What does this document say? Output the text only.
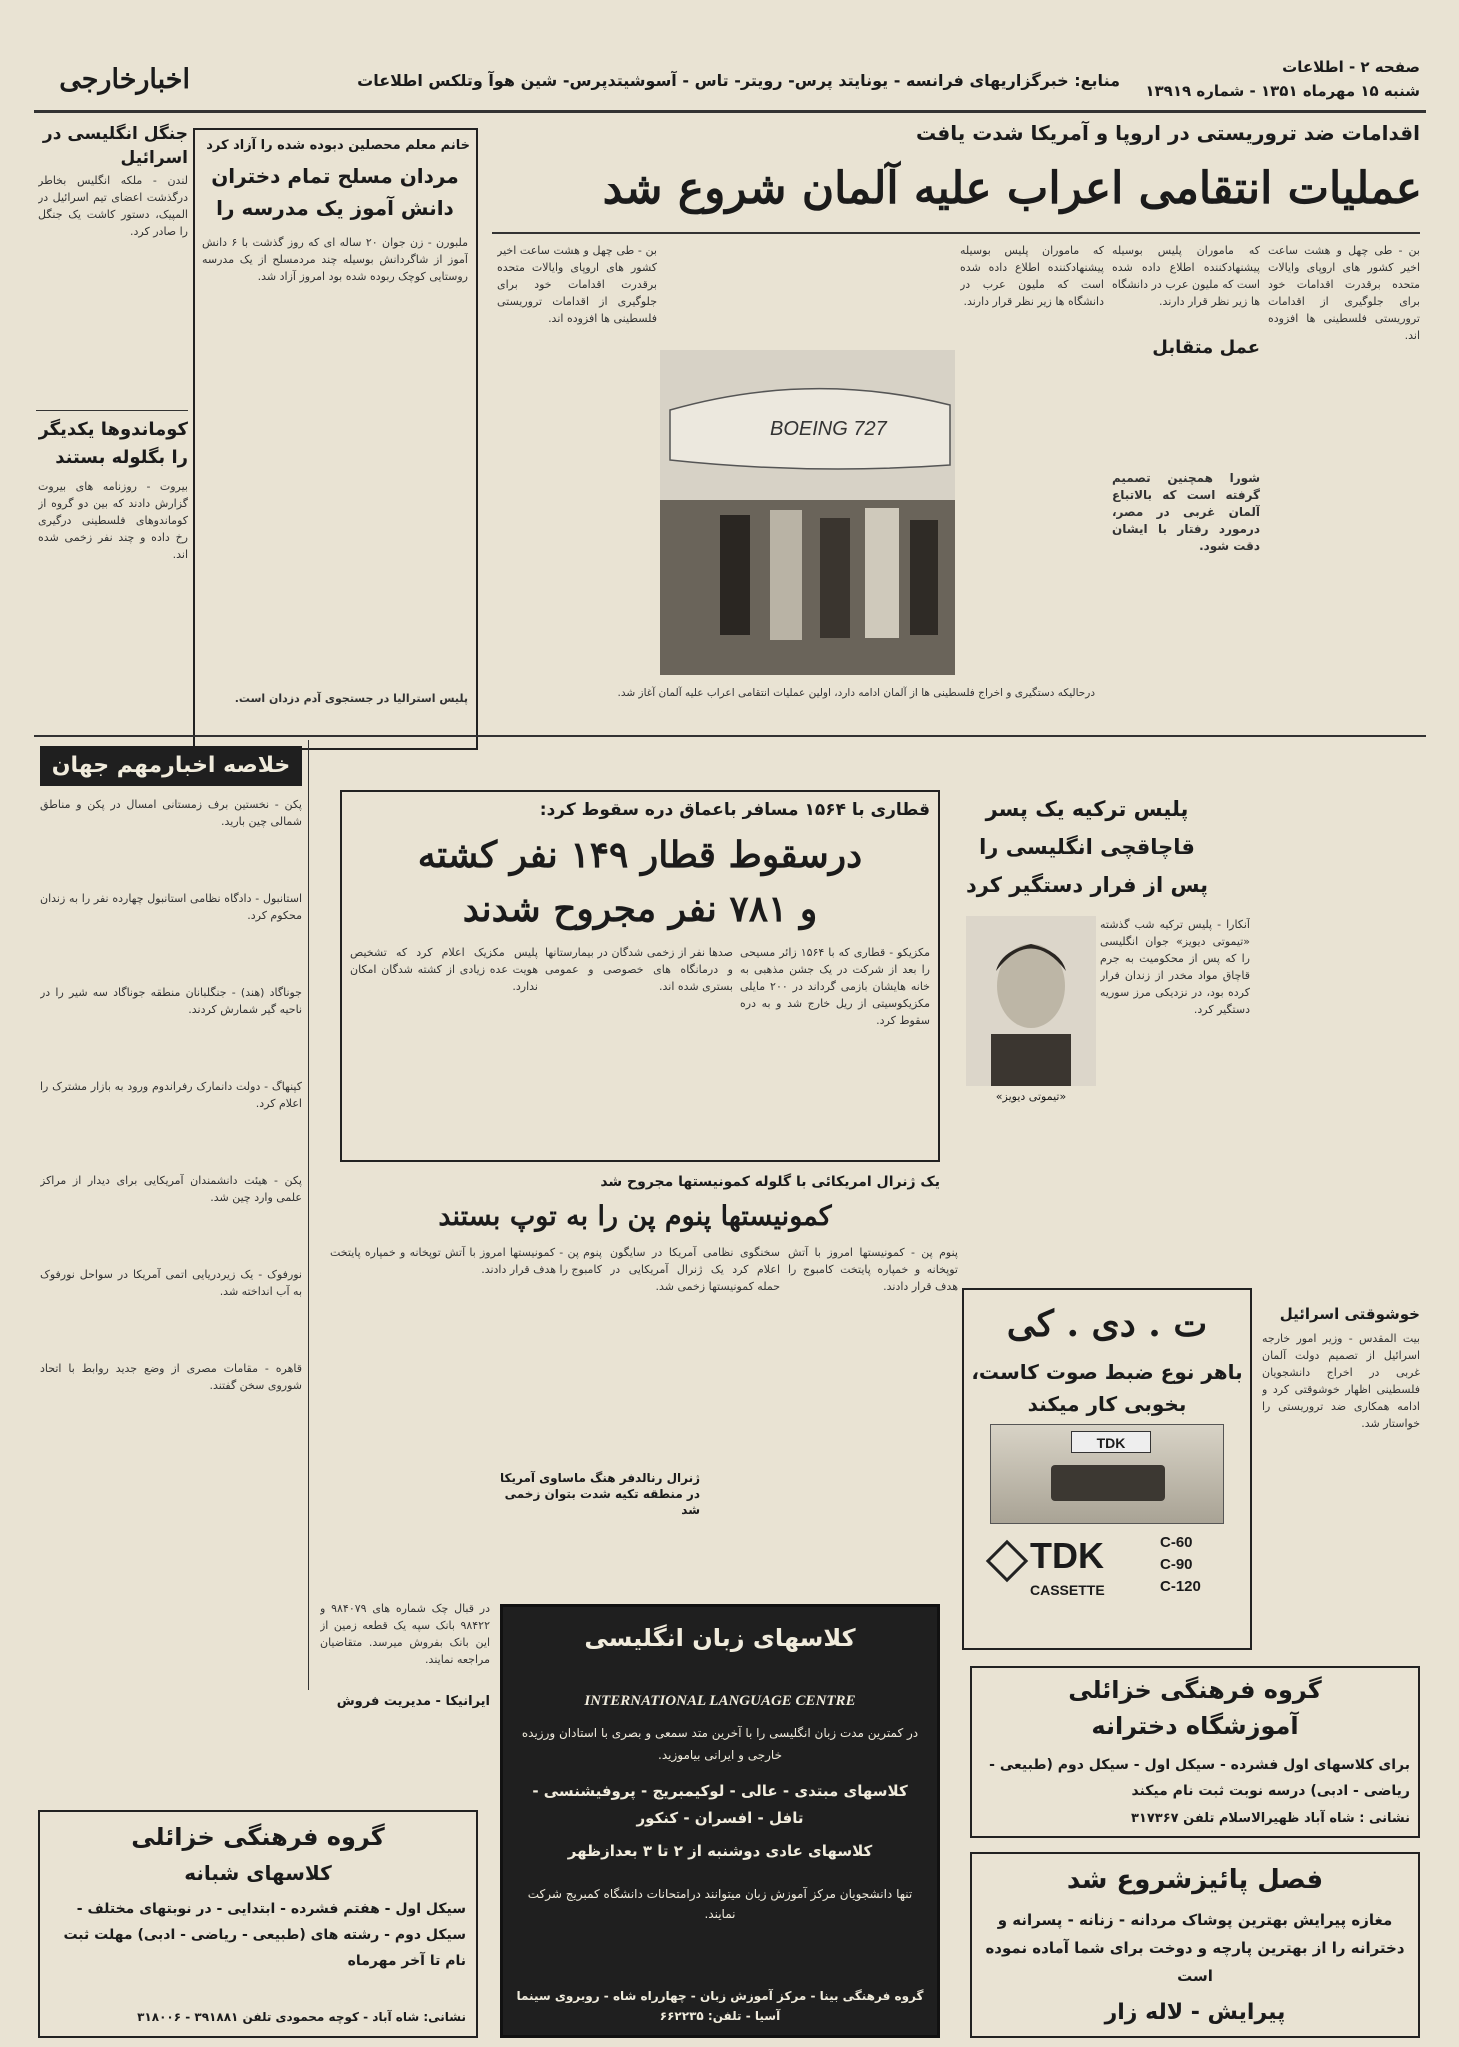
اخبارخارجی	منابع: خبرگزاریهای فرانسه - یونایتد پرس- رویتر- تاس - آسوشیتدپرس- شین هوآ وتلکس اطلاعات
صفحه ۲ - اطلاعات
شنبه ۱۵ مهرماه ۱۳۵۱ - شماره ۱۳۹۱۹
اقدامات ضد تروریستی در اروپا و آمریکا شدت یافت
عملیات انتقامی اعراب علیه آلمان شروع شد
بن - طی چهل و هشت ساعت اخیر کشور های اروپای وایالات متحده برقدرت اقدامات خود برای جلوگیری از اقدامات تروریستی فلسطینی ها افزوده اند.
که ماموران پلیس بوسیله پیشنهادکننده اطلاع داده شده است که ملیون عرب در دانشگاه ها زیر نظر قرار دارند.
عمل متقابل
شورا همچنین تصمیم گرفته است که بالاتباع آلمان غربی در مصر، درمورد رفتار با ایشان دقت شود.
که ماموران پلیس بوسیله پیشنهادکننده اطلاع داده شده است که ملیون عرب در دانشگاه ها زیر نظر قرار دارند.
بن - طی چهل و هشت ساعت اخیر کشور های اروپای وایالات متحده برقدرت اقدامات خود برای جلوگیری از اقدامات تروریستی فلسطینی ها افزوده اند.
BOEING 727
درحالیکه دستگیری و اخراج فلسطینی ها از آلمان ادامه دارد، اولین عملیات انتقامی اعراب علیه آلمان آغاز شد.
خانم معلم محصلین دبوده شده را آزاد کرد
مردان مسلح تمام دختران دانش آموز یک مدرسه را
ملبورن - زن جوان ۲۰ ساله ای که روز گذشت با ۶ دانش آموز از شاگردانش بوسیله چند مردمسلح از یک مدرسه روستایی کوچک ربوده شده بود امروز آزاد شد.
پلیس استرالیا در جستجوی آدم دزدان است.
جنگل انگلیسی در اسرائیل
لندن - ملکه انگلیس بخاطر درگذشت اعضای تیم اسرائیل در المپیک، دستور کاشت یک جنگل را صادر کرد.
کوماندوها یکدیگر را بگلوله بستند
بیروت - روزنامه های بیروت گزارش دادند که بین دو گروه از کوماندوهای فلسطینی درگیری رخ داده و چند نفر زخمی شده اند.
خلاصه اخبارمهم جهان
پکن - نخستین برف زمستانی امسال در پکن و مناطق شمالی چین بارید.
استانبول - دادگاه نظامی استانبول چهارده نفر را به زندان محکوم کرد.
جوناگاد (هند) - جنگلبانان منطقه جوناگاد سه شیر را در ناحیه گیر شمارش کردند.
کپنهاگ - دولت دانمارک رفراندوم ورود به بازار مشترک را اعلام کرد.
پکن - هیئت دانشمندان آمریکایی برای دیدار از مراکز علمی وارد چین شد.
نورفوک - یک زیردریایی اتمی آمریکا در سواحل نورفوک به آب انداخته شد.
قاهره - مقامات مصری از وضع جدید روابط با اتحاد شوروی سخن گفتند.
قطاری با ۱۵۶۴ مسافر باعماق دره سقوط کرد:
درسقوط قطار ۱۴۹ نفر کشته
و ۷۸۱ نفر مجروح شدند
مکزیکو - قطاری که با ۱۵۶۴ زائر مسیحی را بعد از شرکت در یک جشن مذهبی به خانه هایشان بازمی گرداند در ۲۰۰ مایلی مکزیکوسیتی از ریل خارج شد و به دره سقوط کرد.
صدها نفر از زخمی شدگان در بیمارستانها و درمانگاه های خصوصی و عمومی بستری شده اند.
پلیس مکزیک اعلام کرد که تشخیص هویت عده زیادی از کشته شدگان امکان ندارد.
پلیس ترکیه یک پسر قاچاقچی انگلیسی را پس از فرار دستگیر کرد
«تیموتی دیویز»
آنکارا - پلیس ترکیه شب گذشته «تیموتی دیویز» جوان انگلیسی را که پس از محکومیت به جرم قاچاق مواد مخدر از زندان فرار کرده بود، در نزدیکی مرز سوریه دستگیر کرد.
یک ژنرال امریکائی با گلوله کمونیستها مجروح شد
کمونیستها پنوم پن را به توپ بستند
پنوم پن - کمونیستها امروز با آتش توپخانه و خمپاره پایتخت کامبوج را هدف قرار دادند.
سخنگوی نظامی آمریکا در سایگون اعلام کرد یک ژنرال آمریکایی در حمله کمونیستها زخمی شد.
ژنرال رنالدفر هنگ ماساوی آمریکا در منطقه تکیه شدت بتوان زخمی شد
پنوم پن - کمونیستها امروز با آتش توپخانه و خمپاره پایتخت کامبوج را هدف قرار دادند.
خوشوقتی اسرائیل
بیت المقدس - وزیر امور خارجه اسرائیل از تصمیم دولت آلمان غربی در اخراج دانشجویان فلسطینی اظهار خوشوقتی کرد و ادامه همکاری ضد تروریستی را خواستار شد.
ت . دی . کی
باهر نوع ضبط صوت کاست،
بخوبی کار میکند
TDK
TDK
CASSETTE
C-60
C-90
C-120
گروه فرهنگی خزائلی
آموزشگاه دخترانه
برای کلاسهای اول فشرده - سیکل اول - سیکل دوم (طبیعی - ریاضی - ادبی) درسه نوبت ثبت نام میکند
نشانی : شاه آباد ظهیرالاسلام تلفن ۳۱۷۳۶۷
در قبال چک شماره های ۹۸۴۰۷۹ و ۹۸۴۲۲ بانک سپه یک قطعه زمین از این بانک بفروش میرسد. متقاضیان مراجعه نمایند.
ایرانیکا - مدیریت فروش
کلاسهای زبان انگلیسی
INTERNATIONAL LANGUAGE CENTRE
در کمترین مدت زبان انگلیسی را با آخرین متد سمعی و بصری با استادان ورزیده خارجی و ایرانی بیاموزید.
کلاسهای مبتدی - عالی - لوکیمبریج - پروفیشنسی - تافل - افسران - کنکور
کلاسهای عادی دوشنبه از ۲ تا ۳ بعدازظهر
تنها دانشجویان مرکز آموزش زبان میتوانند درامتحانات دانشگاه کمبریج شرکت نمایند.
گروه فرهنگی بینا - مرکز آموزش زبان - چهارراه شاه - روبروی سینما آسیا - تلفن: ۶۶۲۲۳۵
فصل پائیزشروع شد
مغازه پیرایش بهترین پوشاک مردانه - زنانه - پسرانه و دخترانه را از بهترین پارچه و دوخت برای شما آماده نموده است
پیرایش - لاله زار
گروه فرهنگی خزائلی
کلاسهای شبانه
سیکل اول - هفتم فشرده - ابتدایی - در نوبتهای مختلف - سیکل دوم - رشته های (طبیعی - ریاضی - ادبی) مهلت ثبت نام تا آخر مهرماه
نشانی: شاه آباد - کوچه محمودی تلفن ۳۹۱۸۸۱ - ۳۱۸۰۰۶
